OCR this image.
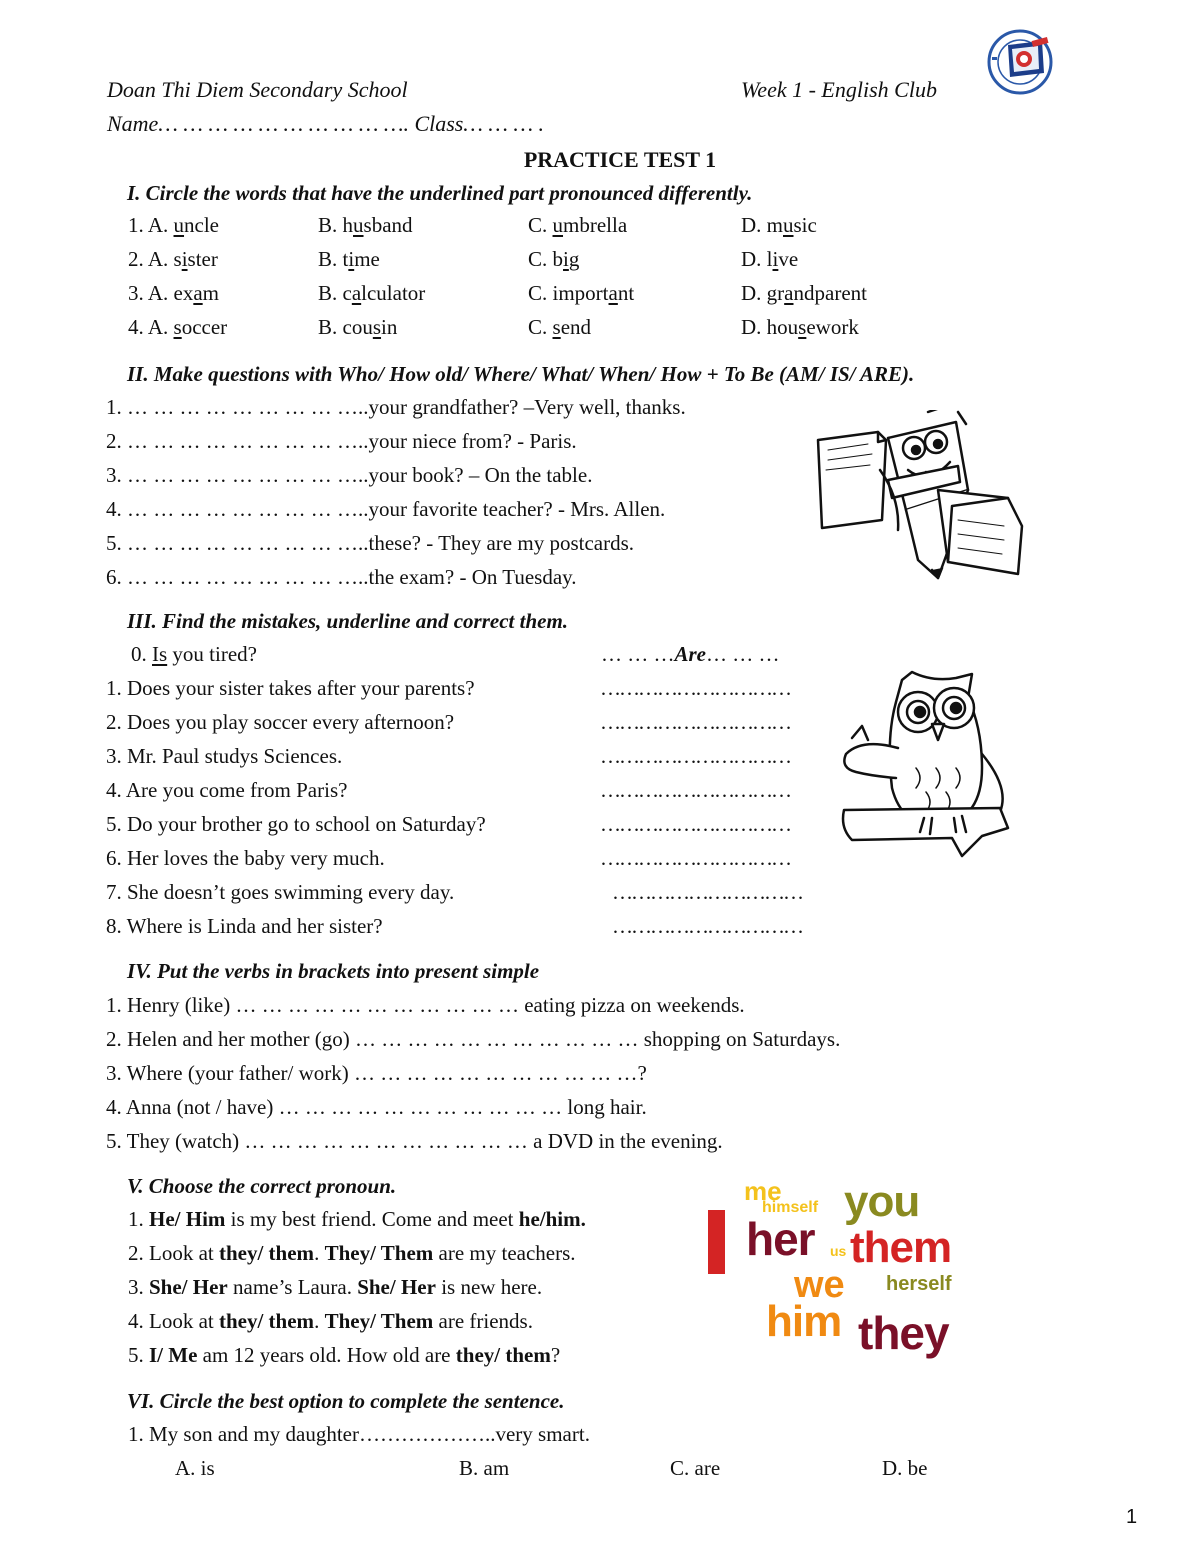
Doan Thi Diem Secondary School	Week 1 - English Club
Name… … … … … … … … … …. Class… … … .
PRACTICE TEST 1
I. Circle the words that have the underlined part pronounced differently.
1. A. uncle	B. husband	C. umbrella	D. music
2. A. sister	B. time	C. big	D. live
3. A. exam	B. calculator	C. important	D. grandparent
4. A. soccer	B. cousin	C. send	D. housework
II. Make questions with Who/ How old/ Where/ What/ When/ How + To Be (AM/ IS/ ARE).
1. … … … … … … … … …..your grandfather? –Very well, thanks.
2. … … … … … … … … …..your niece from? - Paris.
3. … … … … … … … … …..your book? – On the table.
4. … … … … … … … … …..your favorite teacher? - Mrs. Allen.
5. … … … … … … … … …..these? - They are my postcards.
6. … … … … … … … … …..the exam? - On Tuesday.
III. Find the mistakes, underline and correct them.
0. Is you tired?	… … …Are… … …
1. Does your sister takes after your parents?	…………………………
2. Does you play soccer every afternoon?	…………………………
3. Mr. Paul studys Sciences.	…………………………
4. Are you come from Paris?	…………………………
5. Do your brother go to school on Saturday?	…………………………
6. Her loves the baby very much.	…………………………
7. She doesn’t goes swimming every day.	…………………………
8. Where is Linda and her sister?	…………………………
IV. Put the verbs in brackets into present simple
1. Henry (like) … … … … … … … … … … … eating pizza on weekends.
2. Helen and her mother (go) … … … … … … … … … … … shopping on Saturdays.
3. Where (your father/ work) … … … … … … … … … … …?
4. Anna (not / have) … … … … … … … … … … … long hair.
5. They (watch) … … … … … … … … … … … a DVD in the evening.
V. Choose the correct pronoun.
1. He/ Him is my best friend. Come and meet he/him.
2. Look at they/ them. They/ Them are my teachers.
3. She/ Her name’s Laura. She/ Her is new here.
4. Look at they/ them. They/ Them are friends.
5. I/ Me am 12 years old. How old are they/ them?
me
himself you
her us them
we herself
him they
VI. Circle the best option to complete the sentence.
1. My son and my daughter………………..very smart.
A. is	B. am	C. are	D. be
1
